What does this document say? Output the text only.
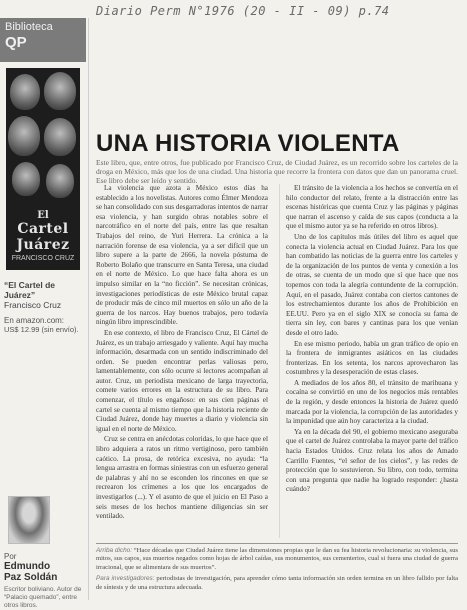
Diario Perm N°1976 (20 - II - 09) p.74
Biblioteca
QP
El
Cartel Juárez
FRANCISCO CRUZ
“El Cartel de Juárez”
Francisco Cruz
En amazon.com:
US$ 12.99 (sin envío).
Por
Edmundo
Paz Soldán
Escritor boliviano. Autor de “Palacio quemado”, entre otros libros.
UNA HISTORIA VIOLENTA
Este libro, que, entre otros, fue publicado por Francisco Cruz, de Ciudad Juárez, es un recorrido sobre los carteles de la droga en México, más que los de una ciudad. Una historia que recorre la frontera con datos que dan un panorama cruel. Ese libro debe ser leído y sentido.

La violencia que azota a México estos días ha establecido a los novelistas. Autores como Élmer Mendoza se han consolidado con sus desgarradoras intentos de narrar esa violencia, y han surgido obras notables sobre el narcotráfico en el norte del país, entre las que resaltan Trabajos del reino, de Yuri Herrera. La crónica a la narración forense de esa violencia, ya a ser difícil que un libro supere a la parte de 2666, la novela póstuma de Roberto Bolaño que transcurre en Santa Teresa, una ciudad en el norte de México. Lo que hace falta ahora es un impulso similar en la “no ficción”. Se necesitan crónicas, investigaciones periodísticas de este México brutal capaz de producir más de cinco mil muertos en sólo un año de la guerra de los narcos. Hay buenos trabajos, pero todavía ningún libro imprescindible.

En ese contexto, el libro de Francisco Cruz, El Cártel de Juárez, es un trabajo arriesgado y valiente. Aquí hay mucha información, desarmada con un sentido indiscriminado del orden. Se pueden encontrar perlas valiosas pero, lamentablemente, con sólo ocurre si lectores acompañan al autor. Cruz, un periodista mexicano de larga trayectoria, comete varios errores en la estructura de su libro. Para comenzar, el título es engañoso: en sus cien páginas el cartel se cuenta al mismo tiempo que la historia reciente de Ciudad Juárez, donde hay muertes a diario y violencia sin igual en el norte de México.

Cruz se centra en anécdotas coloridas, lo que hace que el libro adquiera a ratos un ritmo vertiginoso, pero también caótico. La prosa, de retórica excesiva, no ayuda: “la lengua arrastra en formas siniestras con un esfuerzo general de palabras y ahí no se esconden los rincones en que se recrearon los crímenes a los que los encargados de investigarlos (...). Y el asunto de que el juicio en El Paso a seis meses de los hechos mantiene diligencias sin ser ventilado.

El tránsito de la violencia a los hechos se convertía en el hilo conductor del relato, frente a la distracción entre las escenas históricas que cuenta Cruz y las páginas y páginas que narran el ascenso y caída de sus capos (conducta a la que el mismo autor ya se ha referido en otros libros).

Uno de los capítulos más útiles del libro es aquel que conecta la violencia actual en Ciudad Juárez. Para los que han combatido las noticias de la guerra entre los carteles y de la organización de los puntos de venta y conexión a los de otras, se cuenta de un modo que sí que hace que nos topemos con toda la alegría contundente de la corrupción. Aquí, en el pasado, Juárez contaba con ciertos cantones de los estrechamientos durante los años de Prohibición en EE.UU. Pero ya en el siglo XIX se conocía su fama de tierra sin ley, con bares y cantinas para los que venían desde el otro lado.

En ese mismo periodo, había un gran tráfico de opio en la frontera de inmigrantes asiáticos en las ciudades fronterizas. En los setenta, los narcos aprovecharon las costumbres y la desesperación de estas clases.

A mediados de los años 80, el tránsito de marihuana y cocaína se convirtió en uno de los negocios más rentables de la región, y desde entonces la historia de Juárez quedó marcada por la violencia, la corrupción de las autoridades y la impunidad que aún hoy caracteriza a la ciudad.

Ya en la década del 90, el gobierno mexicano aseguraba que el cartel de Juárez controlaba la mayor parte del tráfico hacia Estados Unidos. Cruz relata los años de Amado Carrillo Fuentes, “el señor de los cielos”, y las redes de protección que lo sostuvieron. Su libro, con todo, termina con una pregunta que nadie ha logrado responder: ¿hasta cuándo?

Arriba dicho: “Hace décadas que Ciudad Juárez tiene las dimensiones propias que le dan su fea historia revolucionaria: su violencia, sus mitos, sus capos, sus muertos negados como hojas de árbol caídas, sus monumentos, sus cementerios, cual si fuera una ciudad de guerra irracional, que se alimentara de sus muertos”.
Para investigadores: periodistas de investigación, para aprender cómo tanta información sin orden termina en un libro fallido por falta de síntesis y de una estructura adecuada.
